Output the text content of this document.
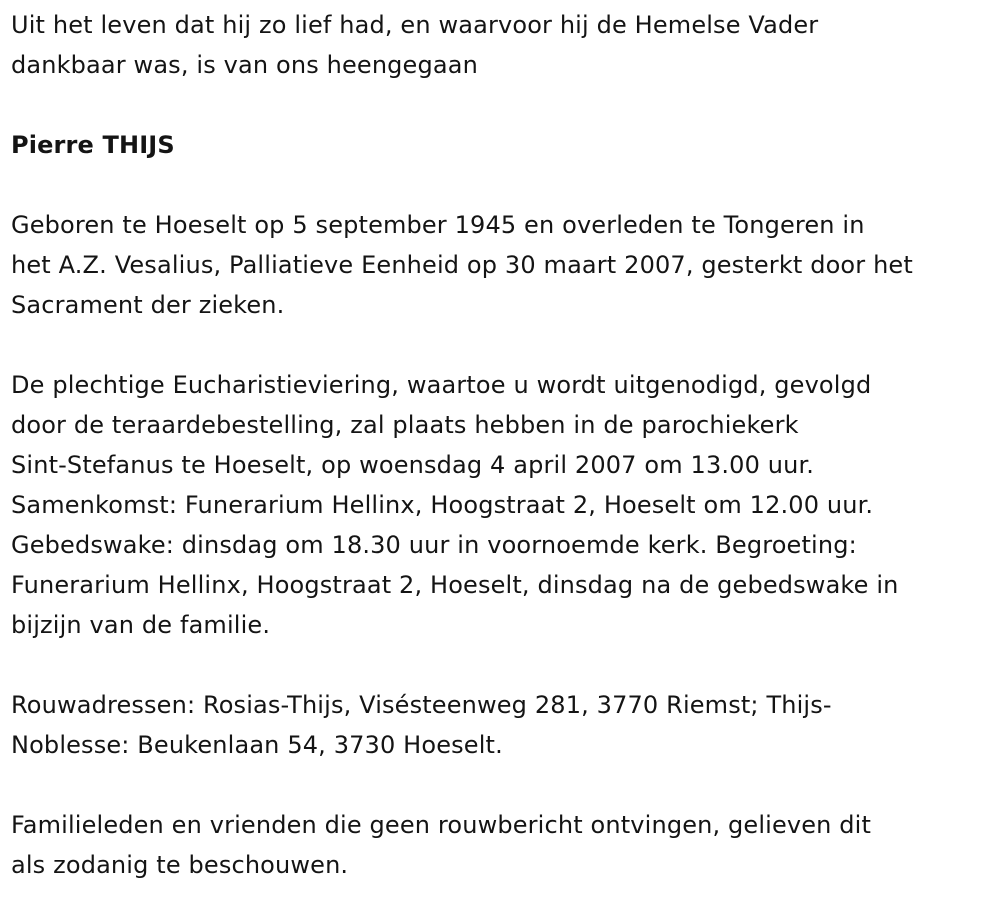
Uit het leven dat hij zo lief had, en waarvoor hij de Hemelse Vader
dankbaar was, is van ons heengegaan
Pierre THIJS
Geboren te Hoeselt op 5 september 1945 en overleden te Tongeren in
het A.Z. Vesalius, Palliatieve Eenheid op 30 maart 2007, gesterkt door het
Sacrament der zieken.
De plechtige Eucharistieviering, waartoe u wordt uitgenodigd, gevolgd
door de teraardebestelling, zal plaats hebben in de parochiekerk
Sint-Stefanus te Hoeselt, op woensdag 4 april 2007 om 13.00 uur.
Samenkomst: Funerarium Hellinx, Hoogstraat 2, Hoeselt om 12.00 uur.
Gebedswake: dinsdag om 18.30 uur in voornoemde kerk. Begroeting:
Funerarium Hellinx, Hoogstraat 2, Hoeselt, dinsdag na de gebedswake in
bijzijn van de familie.
Rouwadressen: Rosias-Thijs, Visésteenweg 281, 3770 Riemst; Thijs-
Noblesse: Beukenlaan 54, 3730 Hoeselt.
Familieleden en vrienden die geen rouwbericht ontvingen, gelieven dit
als zodanig te beschouwen.
